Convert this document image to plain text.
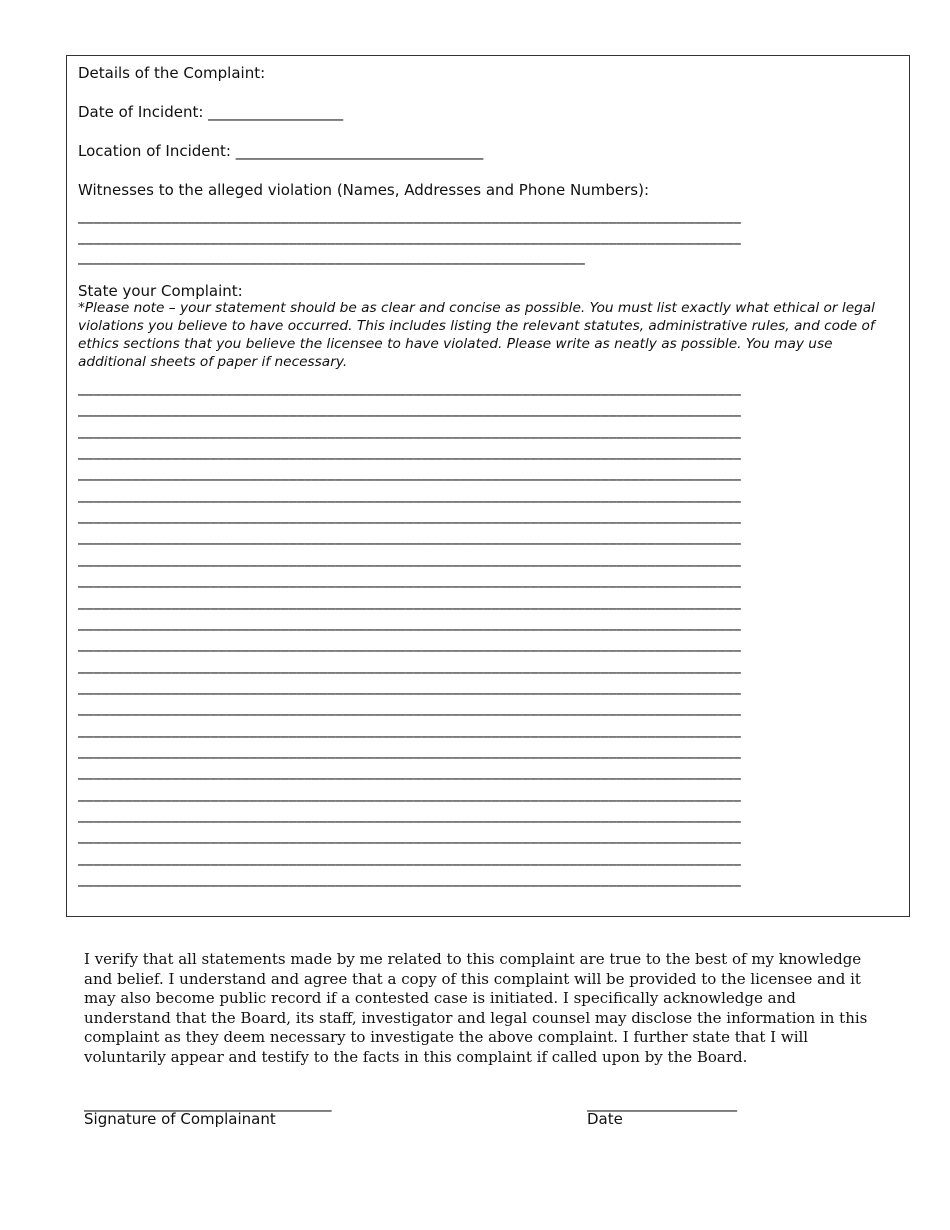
Details of the Complaint:
Date of Incident: __________________
Location of Incident: _________________________________
Witnesses to the alleged violation (Names, Addresses and Phone Numbers):
_____________________________________________________________________________________
_____________________________________________________________________________________
_________________________________________________________________
State your Complaint:
*Please note – your statement should be as clear and concise as possible. You must list exactly what ethical or legal violations you believe to have occurred. This includes listing the relevant statutes, administrative rules, and code of ethics sections that you believe the licensee to have violated. Please write as neatly as possible. You may use additional sheets of paper if necessary.
_____________________________________________________________________________________
_____________________________________________________________________________________
_____________________________________________________________________________________
_____________________________________________________________________________________
_____________________________________________________________________________________
_____________________________________________________________________________________
_____________________________________________________________________________________
_____________________________________________________________________________________
_____________________________________________________________________________________
_____________________________________________________________________________________
_____________________________________________________________________________________
_____________________________________________________________________________________
_____________________________________________________________________________________
_____________________________________________________________________________________
_____________________________________________________________________________________
_____________________________________________________________________________________
_____________________________________________________________________________________
_____________________________________________________________________________________
_____________________________________________________________________________________
_____________________________________________________________________________________
_____________________________________________________________________________________
_____________________________________________________________________________________
_____________________________________________________________________________________
_____________________________________________________________________________________
I verify that all statements made by me related to this complaint are true to the best of my knowledge and belief. I understand and agree that a copy of this complaint will be provided to the licensee and it may also become public record if a contested case is initiated. I specifically acknowledge and understand that the Board, its staff, investigator and legal counsel may disclose the information in this complaint as they deem necessary to investigate the above complaint. I further state that I will voluntarily appear and testify to the facts in this complaint if called upon by the Board.
_________________________________
Signature of Complainant
____________________
Date
